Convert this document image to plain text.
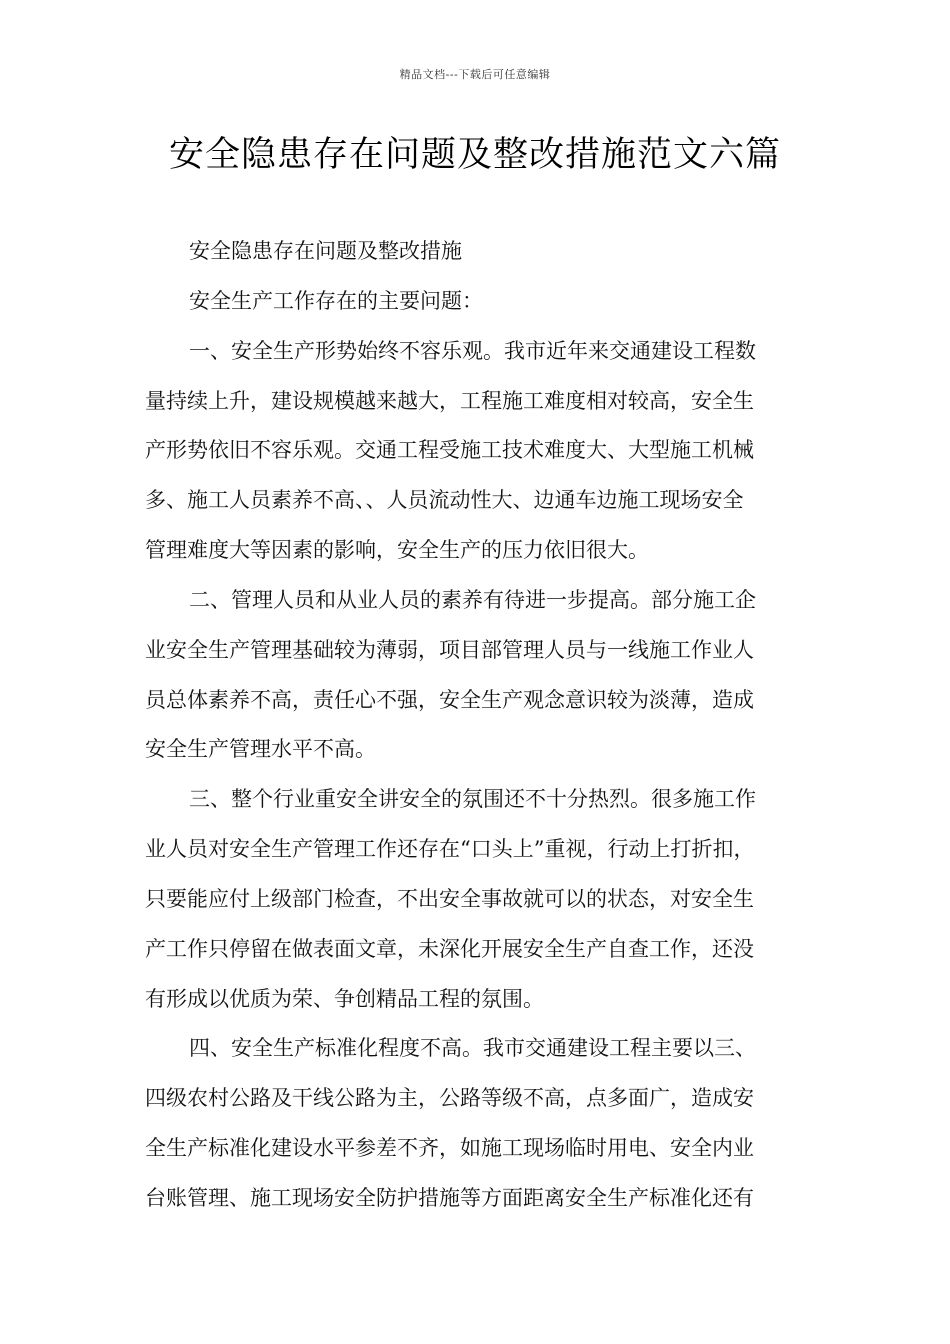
精品文档---下载后可任意编辑
安全隐患存在问题及整改措施范文六篇
安全隐患存在问题及整改措施
安全生产工作存在的主要问题：
一、安全生产形势始终不容乐观。我市近年来交通建设工程数
量持续上升，建设规模越来越大，工程施工难度相对较高，安全生
产形势依旧不容乐观。交通工程受施工技术难度大、大型施工机械
多、施工人员素养不高、、人员流动性大、边通车边施工现场安全
管理难度大等因素的影响，安全生产的压力依旧很大。
二、管理人员和从业人员的素养有待进一步提高。部分施工企
业安全生产管理基础较为薄弱，项目部管理人员与一线施工作业人
员总体素养不高，责任心不强，安全生产观念意识较为淡薄，造成
安全生产管理水平不高。
三、整个行业重安全讲安全的氛围还不十分热烈。很多施工作
业人员对安全生产管理工作还存在“口头上”重视，行动上打折扣，
只要能应付上级部门检查，不出安全事故就可以的状态，对安全生
产工作只停留在做表面文章，未深化开展安全生产自查工作，还没
有形成以优质为荣、争创精品工程的氛围。
四、安全生产标准化程度不高。我市交通建设工程主要以三、
四级农村公路及干线公路为主，公路等级不高，点多面广，造成安
全生产标准化建设水平参差不齐，如施工现场临时用电、安全内业
台账管理、施工现场安全防护措施等方面距离安全生产标准化还有
